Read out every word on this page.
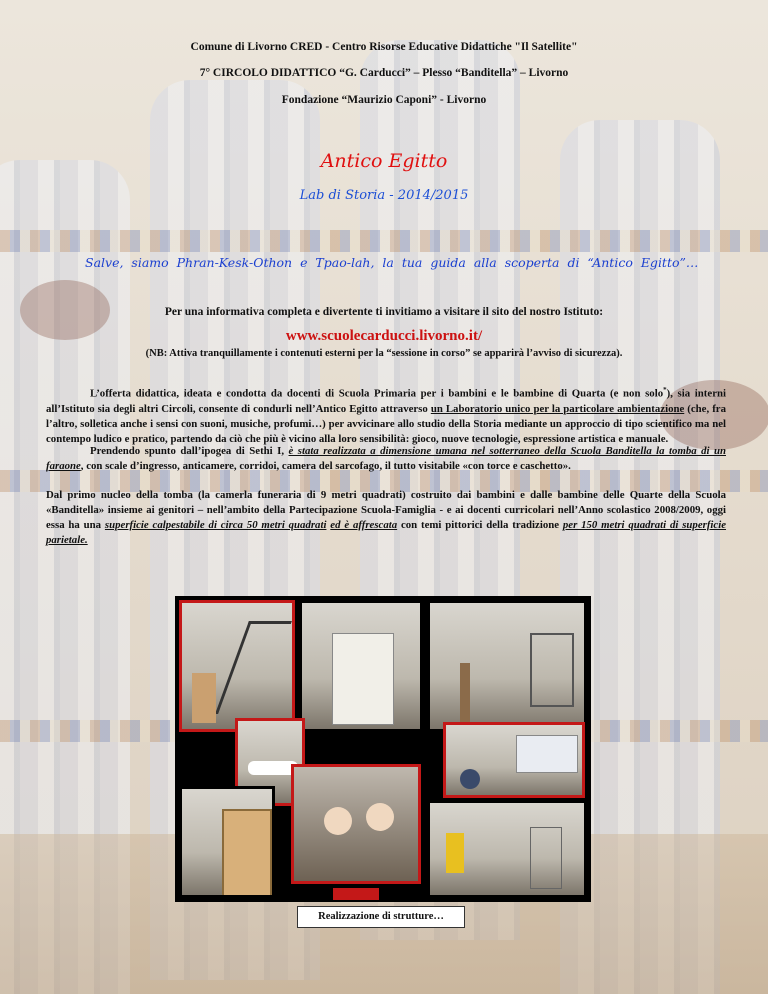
Comune di Livorno CRED - Centro Risorse Educative Didattiche "Il Satellite"
7° CIRCOLO DIDATTICO “G. Carducci” – Plesso “Banditella” – Livorno
Fondazione “Maurizio Caponi” - Livorno
Antico Egitto
Lab di Storia - 2014/2015
Salve, siamo Phran-Kesk-Othon e Tpao-lah, la tua guida alla scoperta di “Antico Egitto”…
Per una informativa completa e divertente ti invitiamo a visitare il sito del nostro Istituto:
www.scuolecarducci.livorno.it/
(NB: Attiva tranquillamente i contenuti esterni per la “sessione in corso” se apparirà l’avviso di sicurezza).
L’offerta didattica, ideata e condotta da docenti di Scuola Primaria per i bambini e le bambine di Quarta (e non solo*), sia interni all’Istituto sia degli altri Circoli, consente di condurli nell’Antico Egitto attraverso un Laboratorio unico per la particolare ambientazione (che, fra l’altro, solletica anche i sensi con suoni, musiche, profumi…) per avvicinare allo studio della Storia mediante un approccio di tipo scientifico ma nel contempo ludico e pratico, partendo da ciò che più è vicino alla loro sensibilità: gioco, nuove tecnologie, espressione artistica e manuale.
Prendendo spunto dall’ipogea di Sethi I, è stata realizzata a dimensione umana nel sotterraneo della Scuola Banditella la tomba di un faraone, con scale d’ingresso, anticamere, corridoi, camera del sarcofago, il tutto visitabile «con torce e caschetto».
Dal primo nucleo della tomba (la camerla funeraria di 9 metri quadrati) costruito dai bambini e dalle bambine delle Quarte della Scuola «Banditella» insieme ai genitori – nell’ambito della Partecipazione Scuola-Famiglia - e ai docenti curricolari nell’Anno scolastico 2008/2009, oggi essa ha una superficie calpestabile di circa 50 metri quadrati ed è affrescata con temi pittorici della tradizione per 150 metri quadrati di superficie parietale.
Realizzazione di strutture…
